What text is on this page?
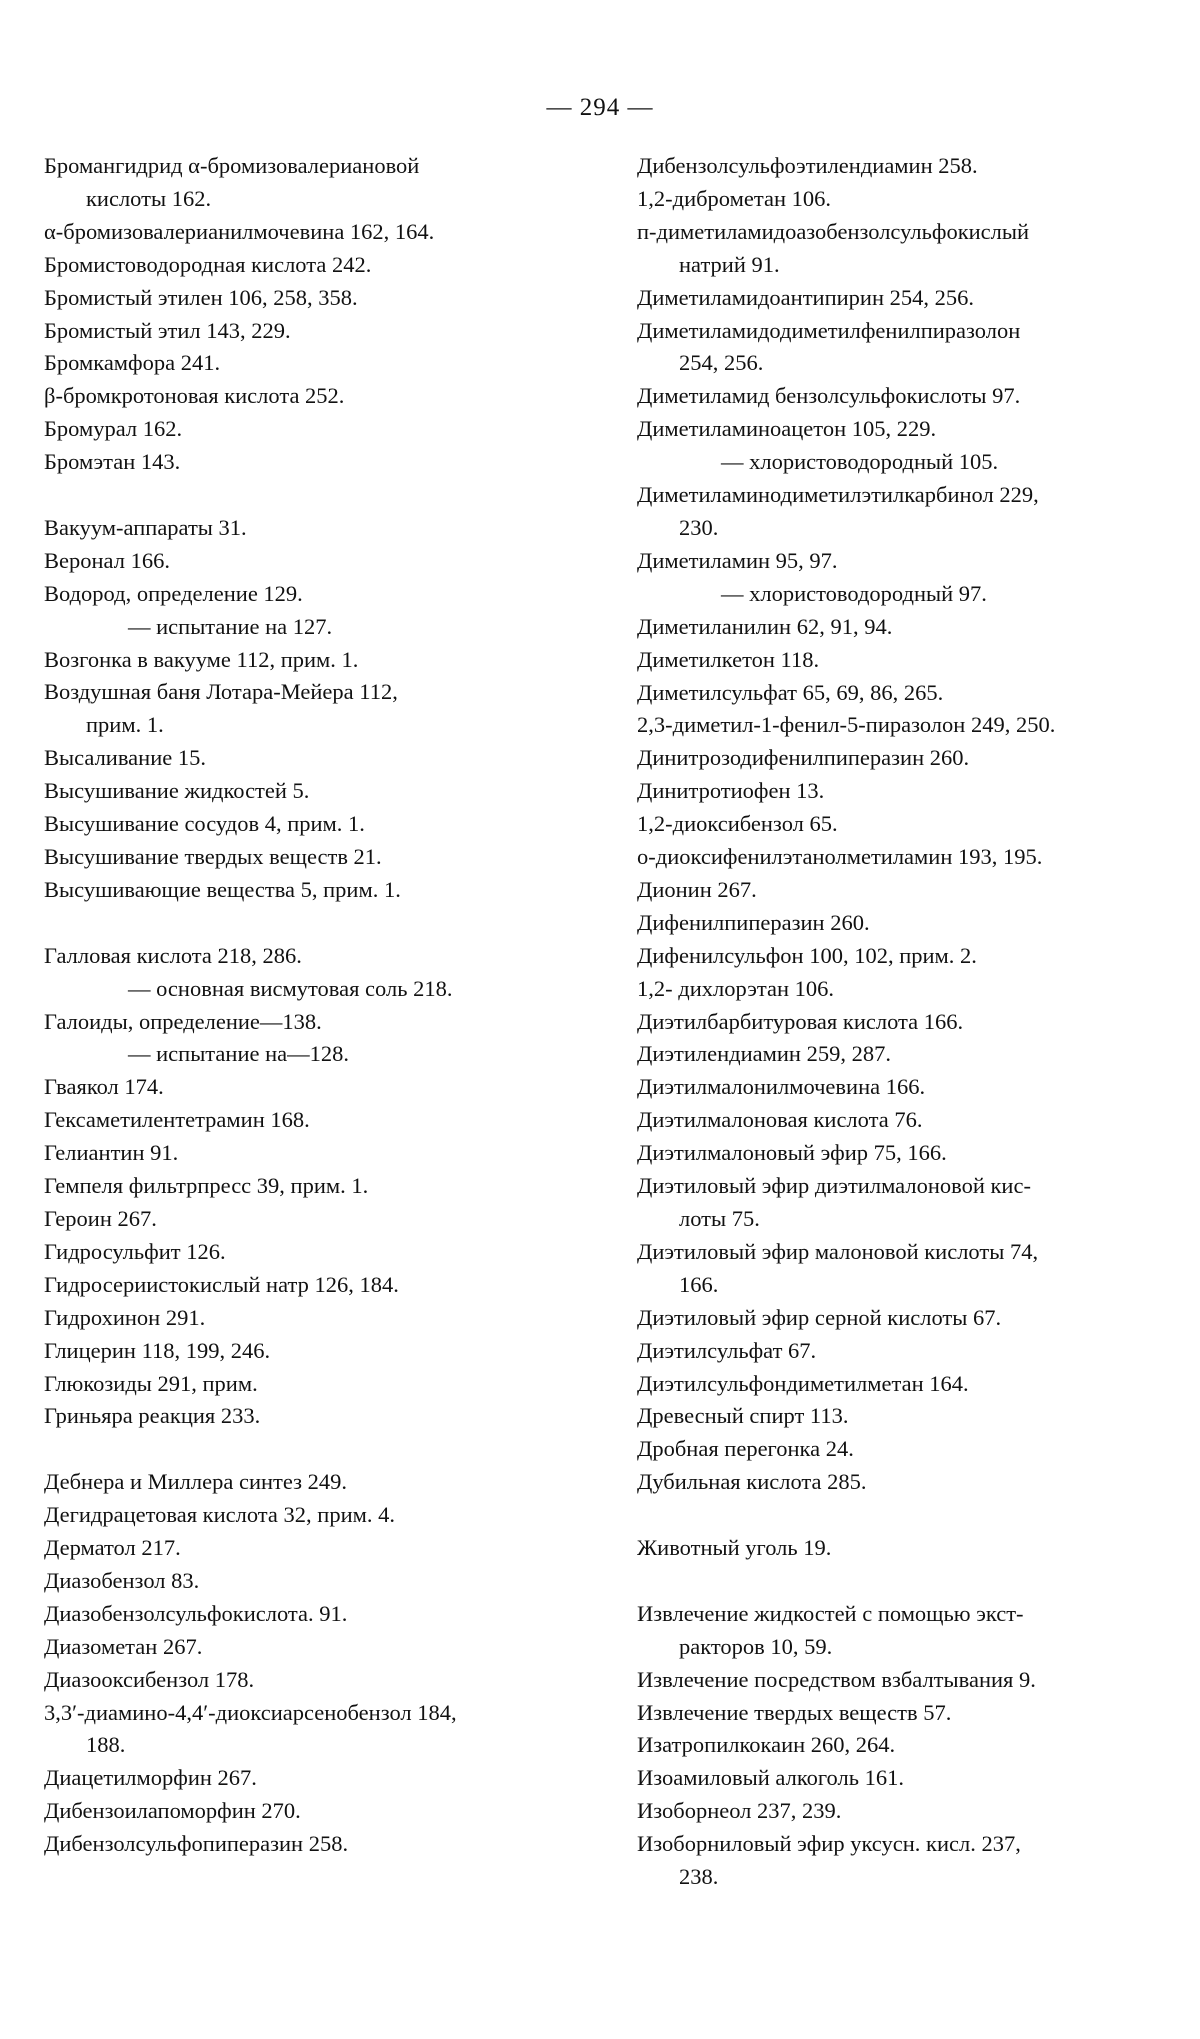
— 294 —
Бромангидрид α-бромизовалериановой
кислоты 162.
α-бромизовалерианилмочевина 162, 164.
Бромистоводородная кислота 242.
Бромистый этилен 106, 258, 358.
Бромистый этил 143, 229.
Бромкамфора 241.
β-бромкротоновая кислота 252.
Бромурал 162.
Бромэтан 143.
Вакуум-аппараты 31.
Веронал 166.
Водород, определение 129.
— испытание на 127.
Возгонка в вакууме 112, прим. 1.
Воздушная баня Лотара-Мейера 112,
прим. 1.
Высаливание 15.
Высушивание жидкостей 5.
Высушивание сосудов 4, прим. 1.
Высушивание твердых веществ 21.
Высушивающие вещества 5, прим. 1.
Галловая кислота 218, 286.
— основная висмутовая соль 218.
Галоиды, определение—138.
— испытание на—128.
Гваякол 174.
Гексаметилентетрамин 168.
Гелиантин 91.
Гемпеля фильтрпресс 39, прим. 1.
Героин 267.
Гидросульфит 126.
Гидросериистокислый натр 126, 184.
Гидрохинон 291.
Глицерин 118, 199, 246.
Глюкозиды 291, прим.
Гриньяра реакция 233.
Дебнера и Миллера синтез 249.
Дегидрацетовая кислота 32, прим. 4.
Дерматол 217.
Диазобензол 83.
Диазобензолсульфокислота. 91.
Диазометан 267.
Диазооксибензол 178.
3,3′-диамино-4,4′-диоксиарсенобензол 184,
188.
Диацетилморфин 267.
Дибензоилапоморфин 270.
Дибензолсульфопиперазин 258.
Дибензолсульфоэтилендиамин 258.
1,2-диброметан 106.
п-диметиламидоазобензолсульфокислый
натрий 91.
Диметиламидоантипирин 254, 256.
Диметиламидодиметилфенилпиразолон
254, 256.
Диметиламид бензолсульфокислоты 97.
Диметиламиноацетон 105, 229.
— хлористоводородный 105.
Диметиламинодиметилэтилкарбинол 229,
230.
Диметиламин 95, 97.
— хлористоводородный 97.
Диметиланилин 62, 91, 94.
Диметилкетон 118.
Диметилсульфат 65, 69, 86, 265.
2,3-диметил-1-фенил-5-пиразолон 249, 250.
Динитрозодифенилпиперазин 260.
Динитротиофен 13.
1,2-диоксибензол 65.
о-диоксифенилэтанолметиламин 193, 195.
Дионин 267.
Дифенилпиперазин 260.
Дифенилсульфон 100, 102, прим. 2.
1,2- дихлорэтан 106.
Диэтилбарбитуровая кислота 166.
Диэтилендиамин 259, 287.
Диэтилмалонилмочевина 166.
Диэтилмалоновая кислота 76.
Диэтилмалоновый эфир 75, 166.
Диэтиловый эфир диэтилмалоновой кис-
лоты 75.
Диэтиловый эфир малоновой кислоты 74,
166.
Диэтиловый эфир серной кислоты 67.
Диэтилсульфат 67.
Диэтилсульфондиметилметан 164.
Древесный спирт 113.
Дробная перегонка 24.
Дубильная кислота 285.
Животный уголь 19.
Извлечение жидкостей с помощью экст-
ракторов 10, 59.
Извлечение посредством взбалтывания 9.
Извлечение твердых веществ 57.
Изатропилкокаин 260, 264.
Изоамиловый алкоголь 161.
Изоборнеол 237, 239.
Изоборниловый эфир уксусн. кисл. 237,
238.
